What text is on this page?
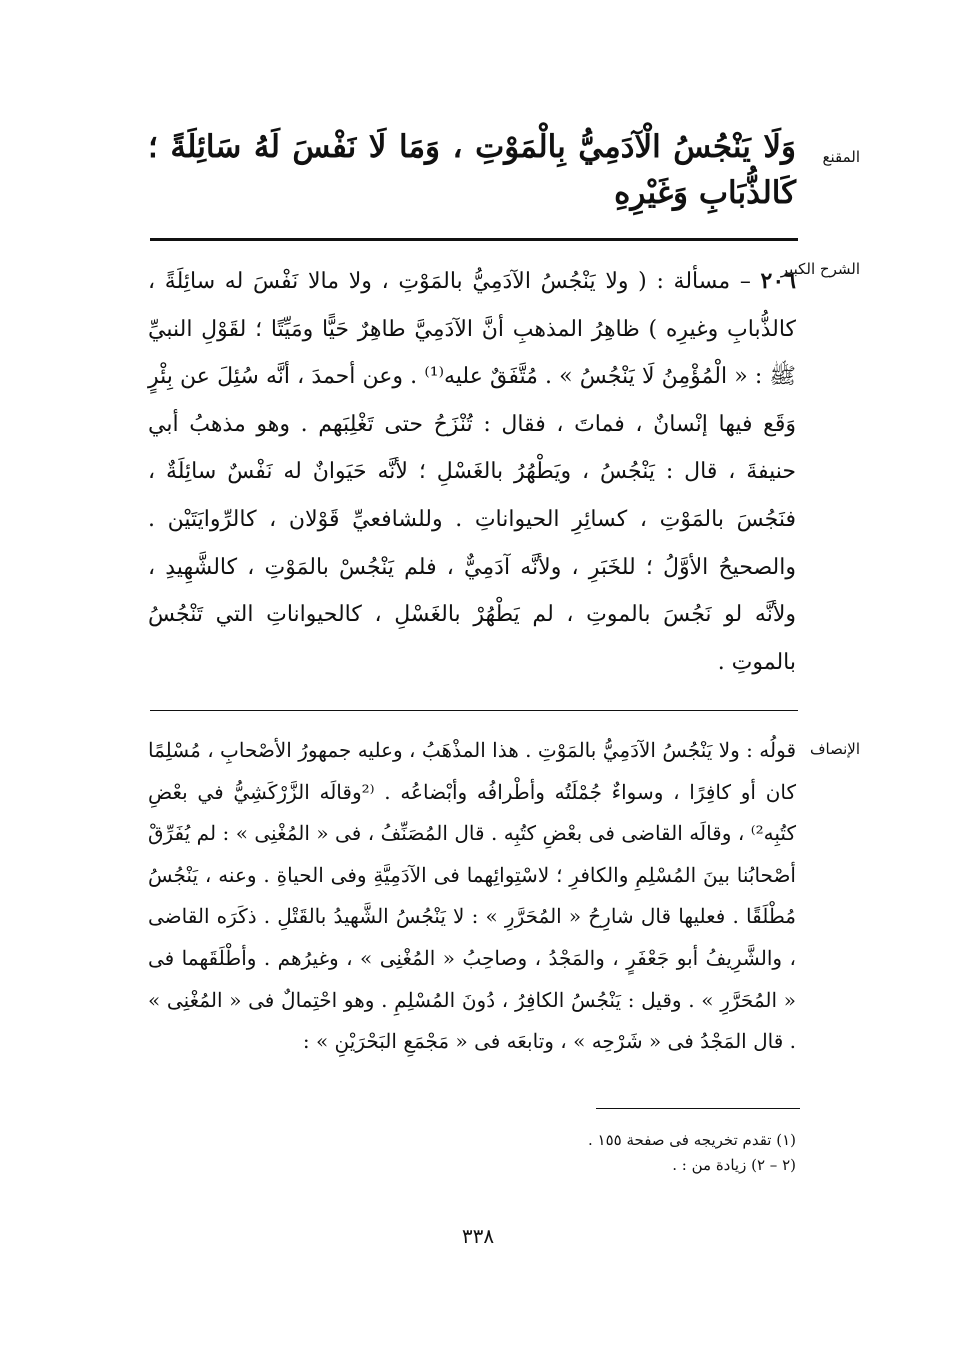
المقنع

وَلَا يَنْجُسُ الْآدَمِيُّ بِالْمَوْتِ ، وَمَا لَا نَفْسَ لَهُ سَائِلَةً ؛ كَالذُّبَابِ وَغَيْرِهِ

الشرح الكبير

٢٠٦ – مسألة : ( ولا يَنْجُسُ الآدَمِيُّ بالمَوْتِ ، ولا مالا نَفْسَ له سائِلَةً ، كالذُّبابِ وغيرِه ) ظاهِرُ المذهبِ أنَّ الآدَمِيَّ طاهِرٌ حَيًّا ومَيِّتًا ؛ لقَوْلِ النبيِّ ﷺ : « الْمُؤْمِنُ لَا يَنْجُسُ » . مُتَّفَقٌ عليه⁽¹⁾ . وعن أحمدَ ، أنَّه سُئِلَ عن بِئْرٍ وَقَع فيها إنْسانٌ ، فماتَ ، فقال : تُنْزَحُ حتى تَغْلِبَهم . وهو مذهبُ أبي حنيفةَ ، قال : يَنْجُسُ ، ويَطْهُرُ بالغَسْلِ ؛ لأنَّه حَيَوانٌ له نَفْسٌ سائِلَةٌ ، فنَجُسَ بالمَوْتِ ، كسائِرِ الحيواناتِ . وللشافعيِّ قَوْلان ، كالرِّوايَتَيْن . والصحيحُ الأوَّلُ ؛ للخَبَرِ ، ولأنَّه آدَمِيٌّ ، فلم يَنْجُسْ بالمَوْتِ ، كالشَّهِيدِ ، ولأنَّه لو نَجُسَ بالموتِ ، لم يَطْهُرْ بالغَسْلِ ، كالحيواناتِ التي تَنْجُسُ بالموتِ .

الإنصاف

قولُه : ولا يَنْجُسُ الآدَمِيُّ بالمَوْتِ . هذا المذْهَبُ ، وعليه جمهورُ الأصْحابِ ، مُسْلِمًا كان أو كافِرًا ، وسواءٌ جُمْلَتُه وأطْرافُه وأبْضاعُه . ⁽²وقالَه الزَّرْكَشِيُّ في بعْضِ كتُبِه²⁾ ، وقالَه القاضى فى بعْضِ كتُبِه . قال المُصَنِّفُ ، فى « المُغْنِى » : لم يُفَرِّقْ أصْحابُنا بينَ المُسْلِمِ والكافرِ ؛ لاسْتِوائِهما فى الآدَمِيَّةِ وفى الحياةِ . وعنه ، يَنْجُسُ مُطْلَقًا . فعليها قال شارِحُ « المُحَرَّرِ » : لا يَنْجُسُ الشَّهيدُ بالقَتْلِ . ذكَرَه القاضى ، والشَّرِيفُ أبو جَعْفَرٍ ، والمَجْدُ ، وصاحِبُ « المُغْنِى » ، وغيرُهم . وأطْلَقَهما فى « المُحَرَّرِ » . وقيل : يَنْجُسُ الكافِرُ ، دُونَ المُسْلِمِ . وهو احْتِمالٌ فى « المُغْنِى » . قال المَجْدُ فى « شَرْحِه » ، وتابعَه فى « مَجْمَعِ البَحْرَيْنِ » :

(١) تقدم تخريجه فى صفحة ١٥٥ .
(٢ – ٢) زيادة من : .
٣٣٨
